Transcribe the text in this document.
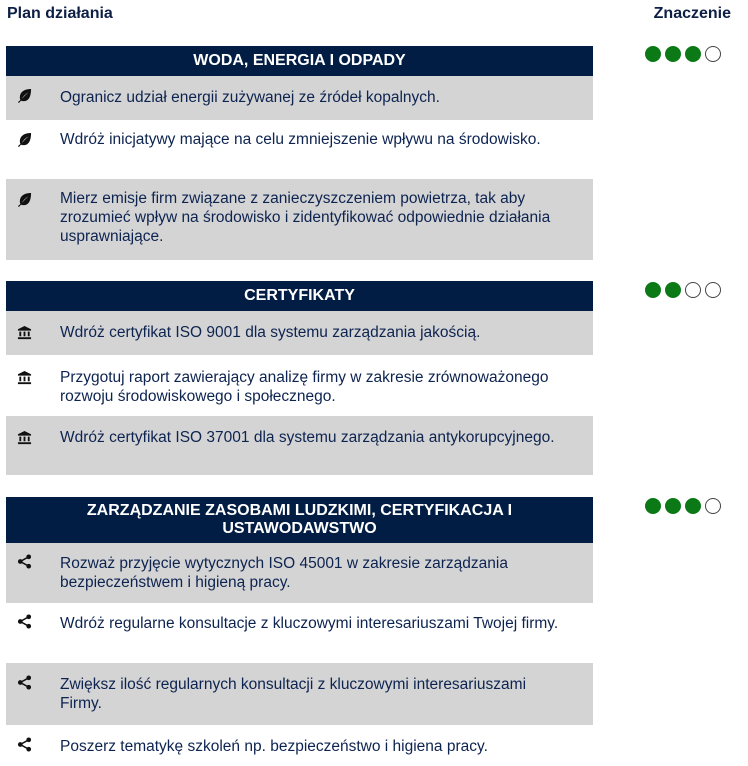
Plan działania	Znaczenie
WODA, ENERGIA I ODPADY
Ogranicz udział energii zużywanej ze źródeł kopalnych.
Wdróż inicjatywy mające na celu zmniejszenie wpływu na środowisko.
Mierz emisje firm związane z zanieczyszczeniem powietrza, tak aby zrozumieć wpływ na środowisko i zidentyfikować odpowiednie działania usprawniające.
CERTYFIKATY
Wdróż certyfikat ISO 9001 dla systemu zarządzania jakością.
Przygotuj raport zawierający analizę firmy w zakresie zrównoważonego rozwoju środowiskowego i społecznego.
Wdróż certyfikat ISO 37001 dla systemu zarządzania antykorupcyjnego.
ZARZĄDZANIE ZASOBAMI LUDZKIMI, CERTYFIKACJA I USTAWODAWSTWO
Rozważ przyjęcie wytycznych ISO 45001 w zakresie zarządzania bezpieczeństwem i higieną pracy.
Wdróż regularne konsultacje z kluczowymi interesariuszami Twojej firmy.
Zwiększ ilość regularnych konsultacji z kluczowymi interesariuszami Firmy.
Poszerz tematykę szkoleń np. bezpieczeństwo i higiena pracy.
